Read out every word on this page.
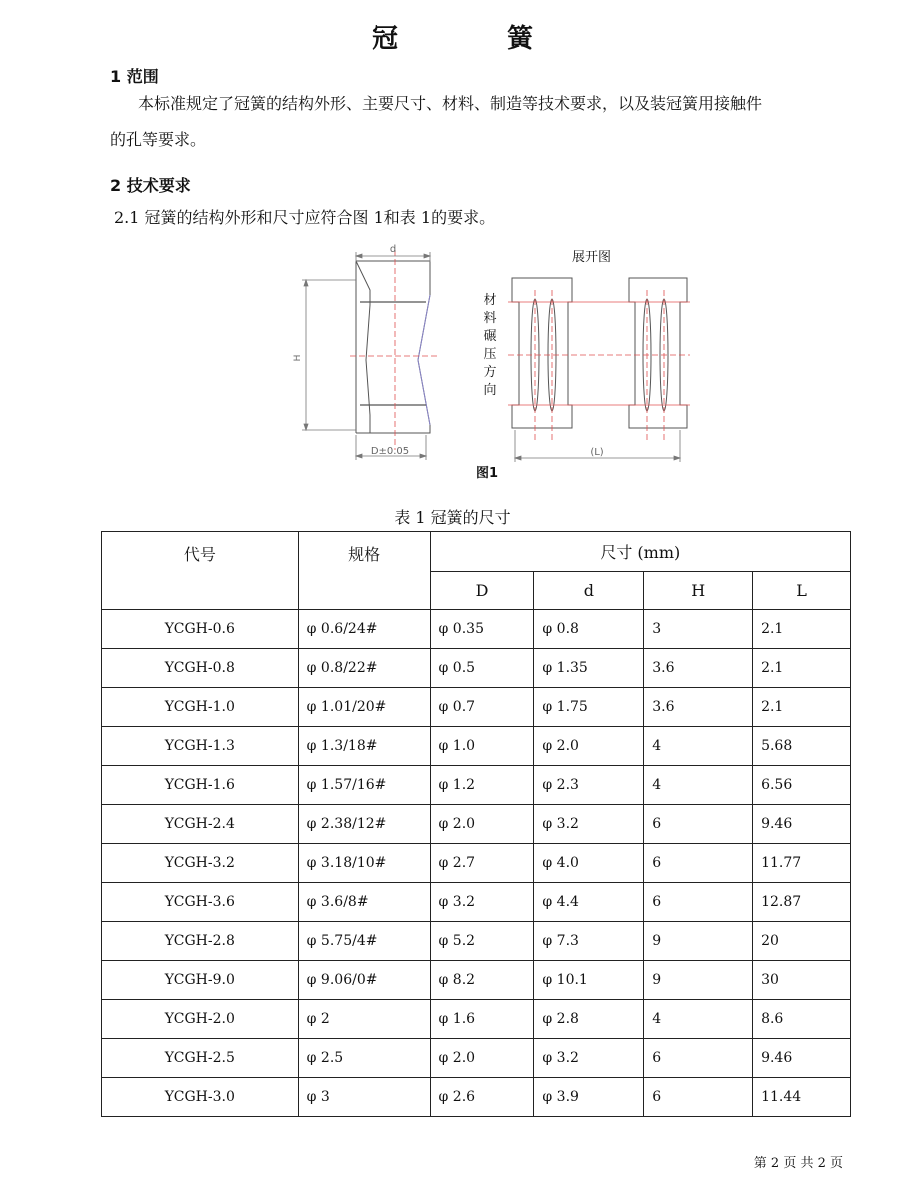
冠 簧
1 范围
本标准规定了冠簧的结构外形、主要尺寸、材料、制造等技术要求，以及装冠簧用接触件
的孔等要求。
2 技术要求
2.1 冠簧的结构外形和尺寸应符合图 1和表 1的要求。
d
H
D±0.05	(L)
展开图
材
料
碾
压
方
向
图1
表 1 冠簧的尺寸
代号	规格	尺寸 (mm)			
		D	d	H	L
YCGH-0.6	φ 0.6/24#	φ 0.35	φ 0.8	3	2.1
YCGH-0.8	φ 0.8/22#	φ 0.5	φ 1.35	3.6	2.1
YCGH-1.0	φ 1.01/20#	φ 0.7	φ 1.75	3.6	2.1
YCGH-1.3	φ 1.3/18#	φ 1.0	φ 2.0	4	5.68
YCGH-1.6	φ 1.57/16#	φ 1.2	φ 2.3	4	6.56
YCGH-2.4	φ 2.38/12#	φ 2.0	φ 3.2	6	9.46
YCGH-3.2	φ 3.18/10#	φ 2.7	φ 4.0	6	11.77
YCGH-3.6	φ 3.6/8#	φ 3.2	φ 4.4	6	12.87
YCGH-2.8	φ 5.75/4#	φ 5.2	φ 7.3	9	20
YCGH-9.0	φ 9.06/0#	φ 8.2	φ 10.1	9	30
YCGH-2.0	φ 2	φ 1.6	φ 2.8	4	8.6
YCGH-2.5	φ 2.5	φ 2.0	φ 3.2	6	9.46
YCGH-3.0	φ 3	φ 2.6	φ 3.9	6	11.44
第 2 页 共 2 页
